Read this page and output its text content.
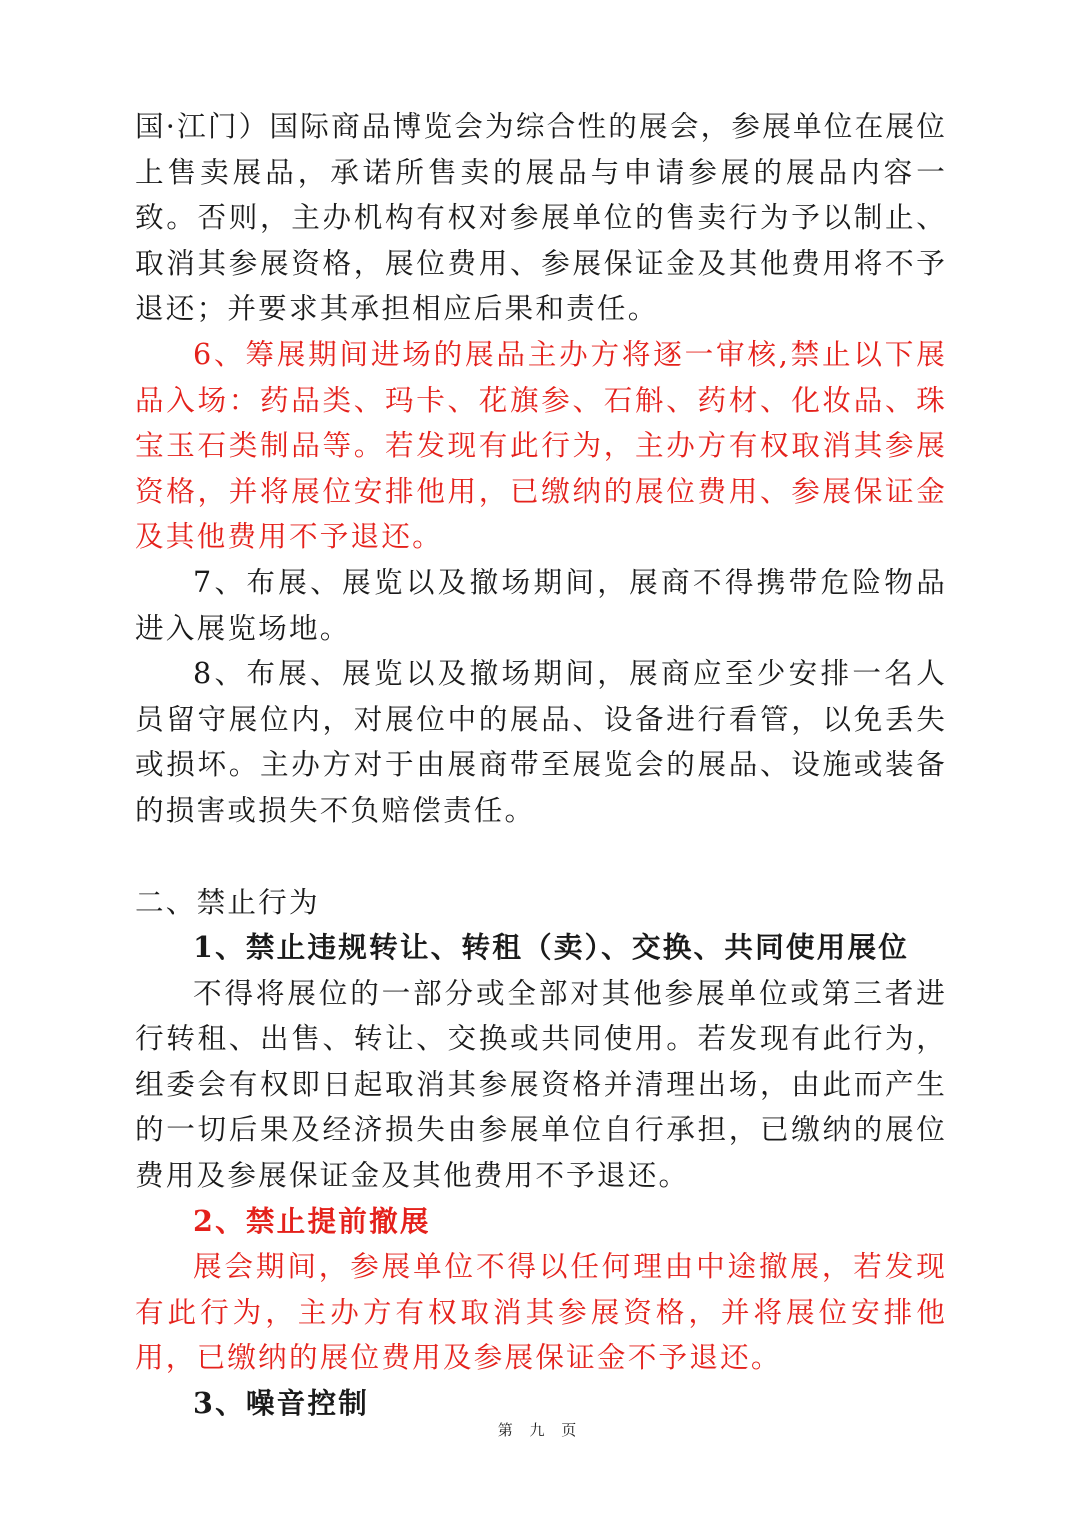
国·江门）国际商品博览会为综合性的展会，参展单位在展位上售卖展品，承诺所售卖的展品与申请参展的展品内容一致。否则，主办机构有权对参展单位的售卖行为予以制止、取消其参展资格，展位费用、参展保证金及其他费用将不予退还；并要求其承担相应后果和责任。

6、筹展期间进场的展品主办方将逐一审核,禁止以下展品入场：药品类、玛卡、花旗参、石斛、药材、化妆品、珠宝玉石类制品等。若发现有此行为，主办方有权取消其参展资格，并将展位安排他用，已缴纳的展位费用、参展保证金及其他费用不予退还。

7、布展、展览以及撤场期间，展商不得携带危险物品进入展览场地。

8、布展、展览以及撤场期间，展商应至少安排一名人员留守展位内，对展位中的展品、设备进行看管，以免丢失或损坏。主办方对于由展商带至展览会的展品、设施或装备的损害或损失不负赔偿责任。

二、禁止行为

1、禁止违规转让、转租（卖）、交换、共同使用展位

不得将展位的一部分或全部对其他参展单位或第三者进行转租、出售、转让、交换或共同使用。若发现有此行为，组委会有权即日起取消其参展资格并清理出场，由此而产生的一切后果及经济损失由参展单位自行承担，已缴纳的展位费用及参展保证金及其他费用不予退还。

2、禁止提前撤展

展会期间，参展单位不得以任何理由中途撤展，若发现有此行为，主办方有权取消其参展资格，并将展位安排他用，已缴纳的展位费用及参展保证金不予退还。

3、噪音控制

第 九 页
